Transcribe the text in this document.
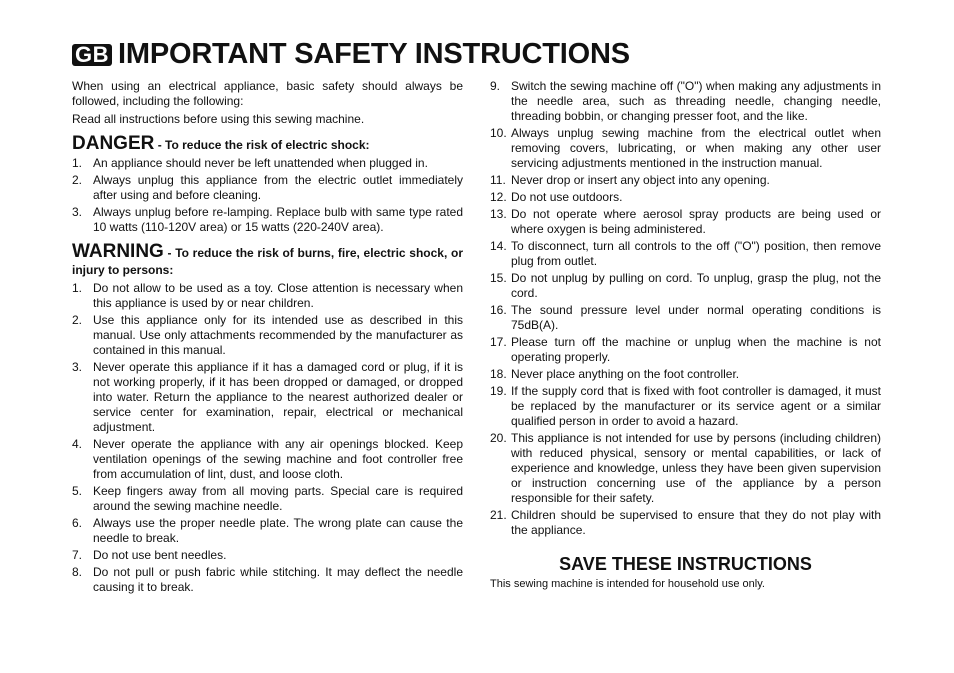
GB IMPORTANT SAFETY INSTRUCTIONS

When using an electrical appliance, basic safety should always be followed, including the following:

Read all instructions before using this sewing machine.

DANGER - To reduce the risk of electric shock:
1. An appliance should never be left unattended when plugged in.
2. Always unplug this appliance from the electric outlet immediately after using and before cleaning.
3. Always unplug before re-lamping. Replace bulb with same type rated 10 watts (110-120V area) or 15 watts (220-240V area).
WARNING - To reduce the risk of burns, fire, electric shock, or injury to persons:
1. Do not allow to be used as a toy. Close attention is necessary when this appliance is used by or near children.
2. Use this appliance only for its intended use as described in this manual. Use only attachments recommended by the manufacturer as contained in this manual.
3. Never operate this appliance if it has a damaged cord or plug, if it is not working properly, if it has been dropped or damaged, or dropped into water. Return the appliance to the nearest authorized dealer or service center for examination, repair, electrical or mechanical adjustment.
4. Never operate the appliance with any air openings blocked. Keep ventilation openings of the sewing machine and foot controller free from accumulation of lint, dust, and loose cloth.
5. Keep fingers away from all moving parts. Special care is required around the sewing machine needle.
6. Always use the proper needle plate. The wrong plate can cause the needle to break.
7. Do not use bent needles.
8. Do not pull or push fabric while stitching. It may deflect the needle causing it to break.
9. Switch the sewing machine off ("O") when making any adjustments in the needle area, such as threading needle, changing needle, threading bobbin, or changing presser foot, and the like.
10. Always unplug sewing machine from the electrical outlet when removing covers, lubricating, or when making any other user servicing adjustments mentioned in the instruction manual.
11. Never drop or insert any object into any opening.
12. Do not use outdoors.
13. Do not operate where aerosol spray products are being used or where oxygen is being administered.
14. To disconnect, turn all controls to the off ("O") position, then remove plug from outlet.
15. Do not unplug by pulling on cord. To unplug, grasp the plug, not the cord.
16. The sound pressure level under normal operating conditions is 75dB(A).
17. Please turn off the machine or unplug when the machine is not operating properly.
18. Never place anything on the foot controller.
19. If the supply cord that is fixed with foot controller is damaged, it must be replaced by the manufacturer or its service agent or a similar qualified person in order to avoid a hazard.
20. This appliance is not intended for use by persons (including children) with reduced physical, sensory or mental capabilities, or lack of experience and knowledge, unless they have been given supervision or instruction concerning use of the appliance by a person responsible for their safety.
21. Children should be supervised to ensure that they do not play with the appliance.
SAVE THESE INSTRUCTIONS

This sewing machine is intended for household use only.
